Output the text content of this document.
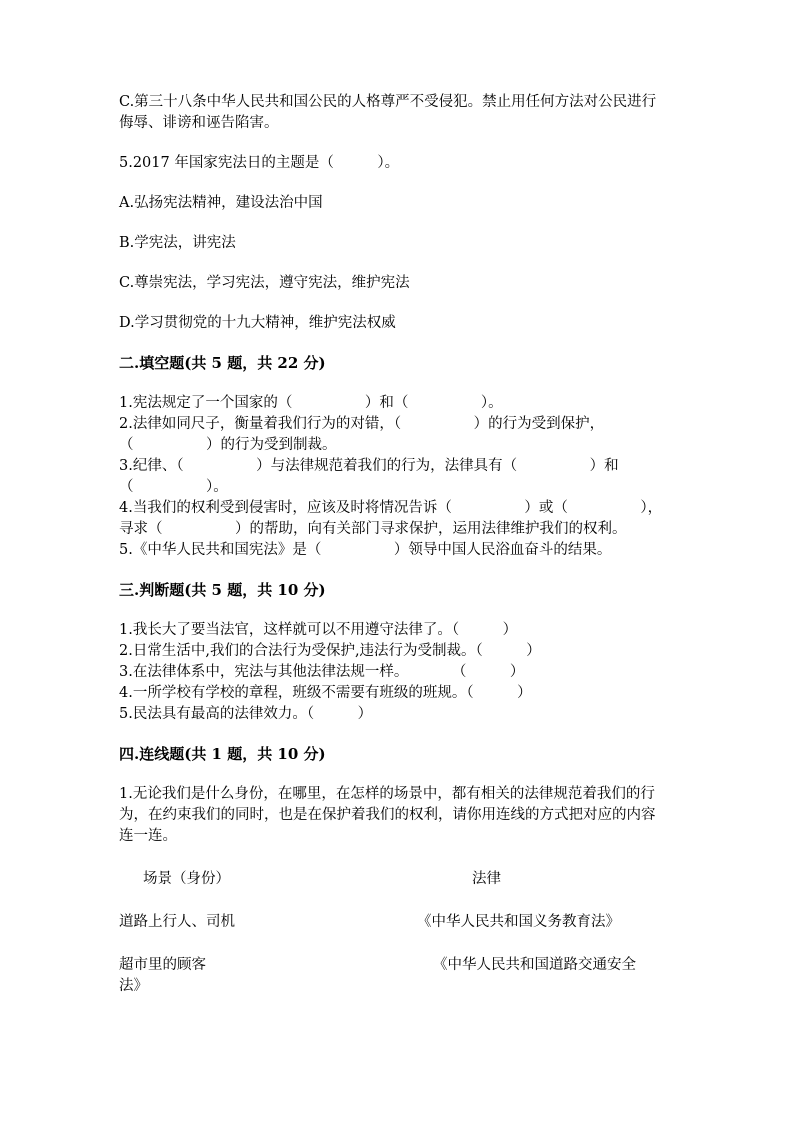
C.第三十八条中华人民共和国公民的人格尊严不受侵犯。禁止用任何方法对公民进行侮辱、诽谤和诬告陷害。

5.2017 年国家宪法日的主题是（　　　）。

A.弘扬宪法精神，建设法治中国

B.学宪法，讲宪法

C.尊崇宪法，学习宪法，遵守宪法，维护宪法

D.学习贯彻党的十九大精神，维护宪法权威

二.填空题(共 5 题，共 22 分)

1.宪法规定了一个国家的（　　　　　）和（　　　　　）。

2.法律如同尺子，衡量着我们行为的对错，（　　　　　）的行为受到保护，（　　　　　）的行为受到制裁。

3.纪律、（　　　　　）与法律规范着我们的行为，法律具有（　　　　　）和（　　　　　）。

4.当我们的权利受到侵害时，应该及时将情况告诉（　　　　　）或（　　　　　），寻求（　　　　　）的帮助，向有关部门寻求保护，运用法律维护我们的权利。

5.《中华人民共和国宪法》是（　　　　　）领导中国人民浴血奋斗的结果。

三.判断题(共 5 题，共 10 分)

1.我长大了要当法官，这样就可以不用遵守法律了。（　　　）

2.日常生活中,我们的合法行为受保护,违法行为受制裁。（　　　）

3.在法律体系中，宪法与其他法律法规一样。　　　　（　　　）

4.一所学校有学校的章程，班级不需要有班级的班规。（　　　）

5.民法具有最高的法律效力。（　　　）

四.连线题(共 1 题，共 10 分)

1.无论我们是什么身份，在哪里，在怎样的场景中，都有相关的法律规范着我们的行为，在约束我们的同时，也是在保护着我们的权利，请你用连线的方式把对应的内容连一连。

场景（身份）	法律
道路上行人、司机	《中华人民共和国义务教育法》
超市里的顾客	《中华人民共和国道路交通安全
法》
